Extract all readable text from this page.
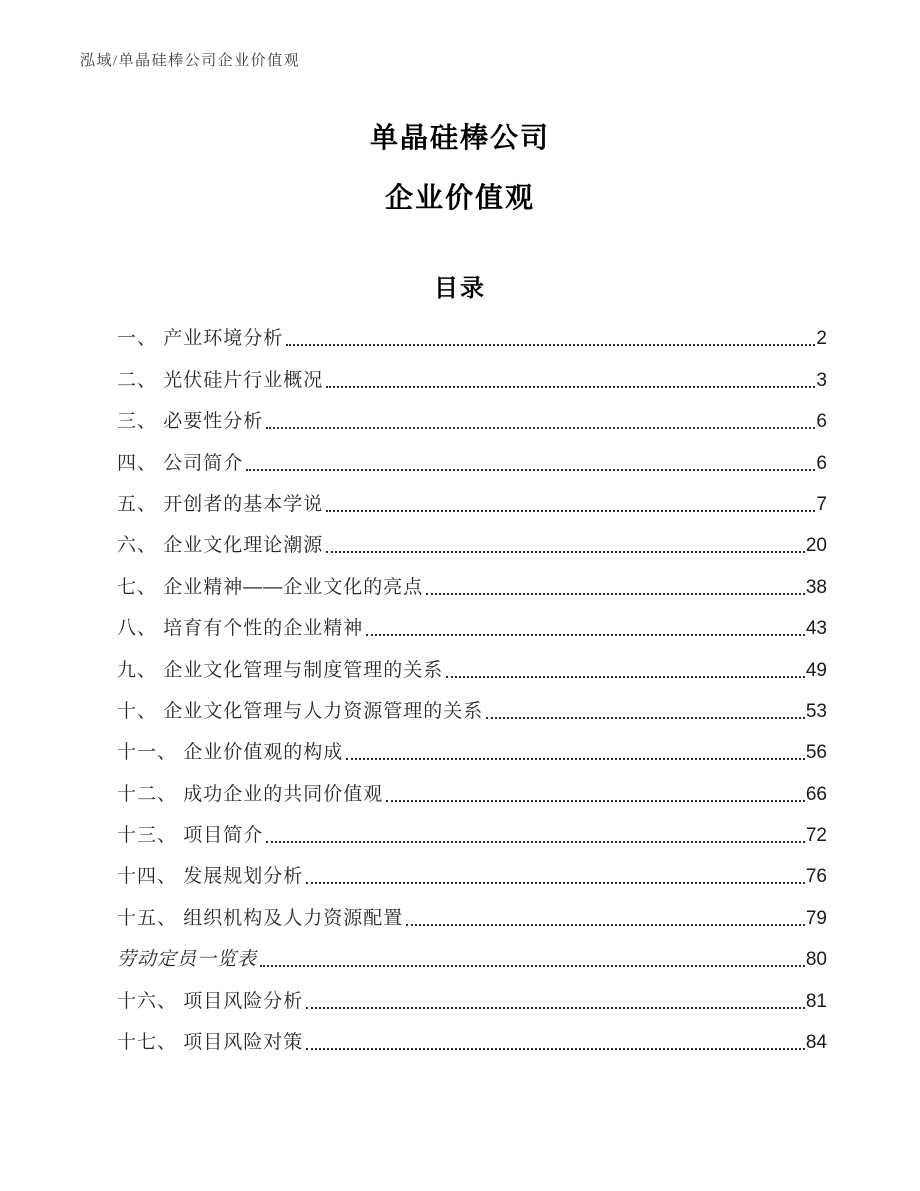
泓域/单晶硅棒公司企业价值观
单晶硅棒公司
企业价值观
目录
一、 产业环境分析	2
二、 光伏硅片行业概况	3
三、 必要性分析	6
四、 公司简介	6
五、 开创者的基本学说	7
六、 企业文化理论潮源	20
七、 企业精神——企业文化的亮点	38
八、 培育有个性的企业精神	43
九、 企业文化管理与制度管理的关系	49
十、 企业文化管理与人力资源管理的关系	53
十一、 企业价值观的构成	56
十二、 成功企业的共同价值观	66
十三、 项目简介	72
十四、 发展规划分析	76
十五、 组织机构及人力资源配置	79
劳动定员一览表	80
十六、 项目风险分析	81
十七、 项目风险对策	84
